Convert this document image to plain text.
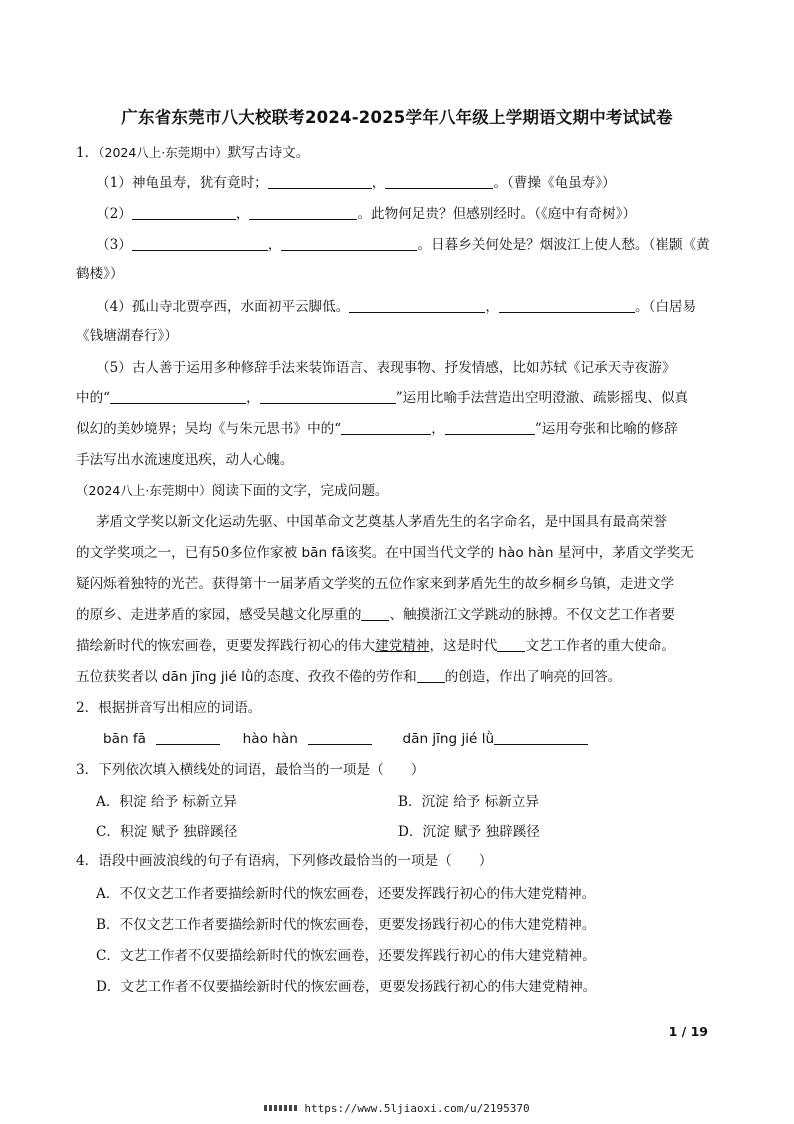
广东省东莞市八大校联考2024-2025学年八年级上学期语文期中考试试卷
1．（2024八上·东莞期中）默写古诗文。
（1）神龟虽寿，犹有竟时；	，	。（曹操《龟虽寿》）
（2）	，	。此物何足贵？但感别经时。（《庭中有奇树》）
（3）	，	。日暮乡关何处是？烟波江上使人愁。（崔颢《黄
鹤楼》）
（4）孤山寺北贾亭西，水面初平云脚低。	，	。（白居易
《钱塘湖春行》）
（5）古人善于运用多种修辞手法来装饰语言、表现事物、抒发情感，比如苏轼《记承天寺夜游》
中的“	，	”运用比喻手法营造出空明澄澈、疏影摇曳、似真
似幻的美妙境界；吴均《与朱元思书》中的“	，	”运用夸张和比喻的修辞
手法写出水流速度迅疾，动人心魄。
（2024八上·东莞期中）阅读下面的文字，完成问题。
茅盾文学奖以新文化运动先驱、中国革命文艺奠基人茅盾先生的名字命名，是中国具有最高荣誉
的文学奖项之一，已有50多位作家被 bān fā该奖。在中国当代文学的 hào hàn 星河中，茅盾文学奖无
疑闪烁着独特的光芒。获得第十一届茅盾文学奖的五位作家来到茅盾先生的故乡桐乡乌镇，走进文学
的原乡、走进茅盾的家园，感受吴越文化厚重的 、触摸浙江文学跳动的脉搏。不仅文艺工作者要
描绘新时代的恢宏画卷，更要发挥践行初心的伟大建党精神，这是时代 文艺工作者的重大使命。
五位获奖者以 dān jīng jié lǜ的态度、孜孜不倦的劳作和 的创造，作出了响亮的回答。
2．根据拼音写出相应的词语。
bān fā	hào hàn	dān jīng jié lǜ
3．下列依次填入横线处的词语，最恰当的一项是（　　）
A．积淀 给予 标新立异	B．沉淀 给予 标新立异
C．积淀 赋予 独辟蹊径	D．沉淀 赋予 独辟蹊径
4．语段中画波浪线的句子有语病，下列修改最恰当的一项是（　　）
A．不仅文艺工作者要描绘新时代的恢宏画卷，还要发挥践行初心的伟大建党精神。
B．不仅文艺工作者要描绘新时代的恢宏画卷，更要发扬践行初心的伟大建党精神。
C．文艺工作者不仅要描绘新时代的恢宏画卷，还要发挥践行初心的伟大建党精神。
D．文艺工作者不仅要描绘新时代的恢宏画卷，更要发扬践行初心的伟大建党精神。
1 / 19
https://www.5ljiaoxi.com/u/2195370
